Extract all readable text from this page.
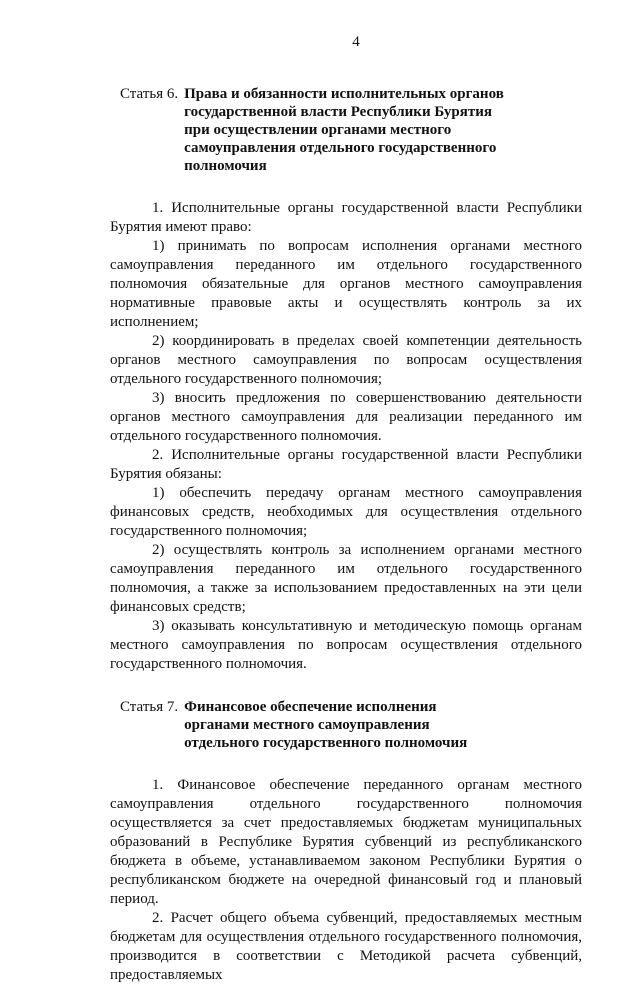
4
Статья 6. Права и обязанности исполнительных органов государственной власти Республики Бурятия при осуществлении органами местного самоуправления отдельного государственного полномочия

1. Исполнительные органы государственной власти Республики Бурятия имеют право:

1) принимать по вопросам исполнения органами местного самоуправления переданного им отдельного государственного полномочия обязательные для органов местного самоуправления нормативные правовые акты и осуществлять контроль за их исполнением;

2) координировать в пределах своей компетенции деятельность органов местного самоуправления по вопросам осуществления отдельного государственного полномочия;

3) вносить предложения по совершенствованию деятельности органов местного самоуправления для реализации переданного им отдельного государственного полномочия.

2. Исполнительные органы государственной власти Республики Бурятия обязаны:

1) обеспечить передачу органам местного самоуправления финансовых средств, необходимых для осуществления отдельного государственного полномочия;

2) осуществлять контроль за исполнением органами местного самоуправления переданного им отдельного государственного полномочия, а также за использованием предоставленных на эти цели финансовых средств;

3) оказывать консультативную и методическую помощь органам местного самоуправления по вопросам осуществления отдельного государственного полномочия.

Статья 7. Финансовое обеспечение исполнения органами местного самоуправления отдельного государственного полномочия

1. Финансовое обеспечение переданного органам местного самоуправления отдельного государственного полномочия осуществляется за счет предоставляемых бюджетам муниципальных образований в Республике Бурятия субвенций из республиканского бюджета в объеме, устанавливаемом законом Республики Бурятия о республиканском бюджете на очередной финансовый год и плановый период.

2. Расчет общего объема субвенций, предоставляемых местным бюджетам для осуществления отдельного государственного полномочия, производится в соответствии с Методикой расчета субвенций, предоставляемых
